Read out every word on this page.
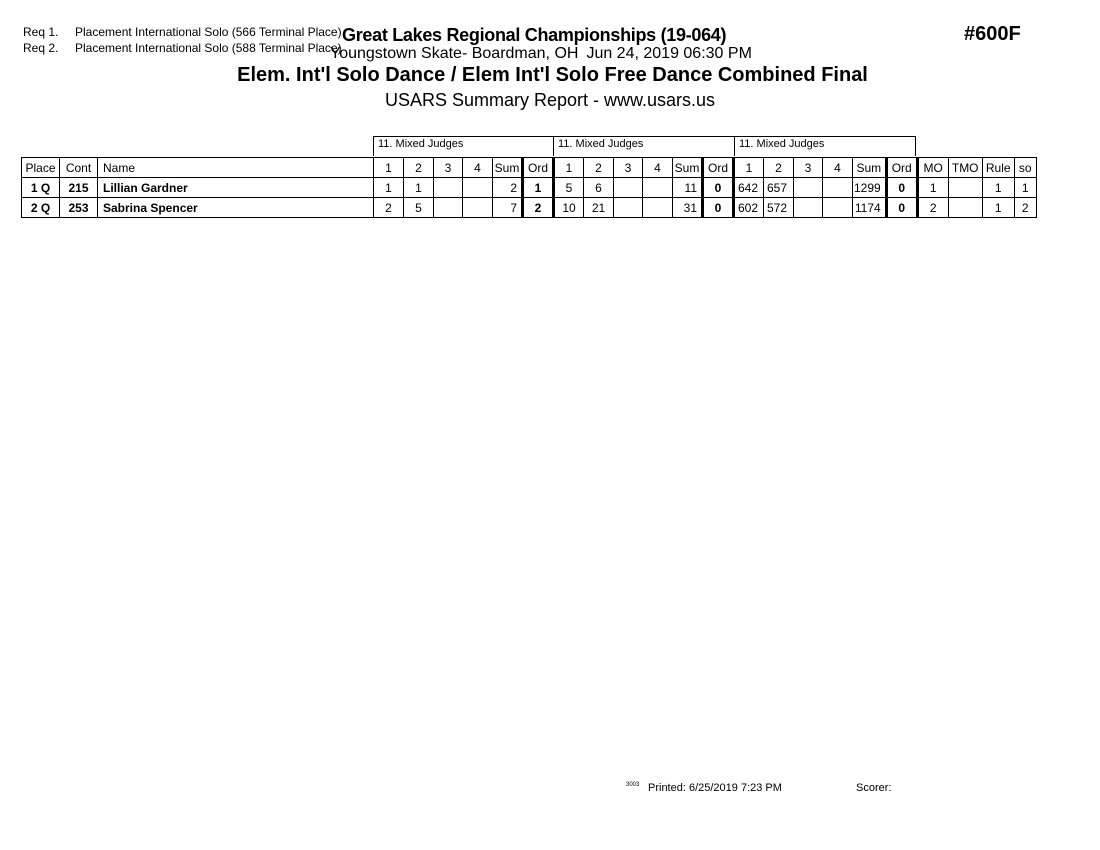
Req 1. Placement International Solo (566 Terminal Place)
Req 2. Placement International Solo (588 Terminal Place)
Great Lakes Regional Championships (19-064)	#600F
Youngstown Skate- Boardman, OH Jun 24, 2019 06:30 PM
Elem. Int'l Solo Dance / Elem Int'l Solo Free Dance Combined Final
USARS Summary Report - www.usars.us
11. Mixed Judges	11. Mixed Judges	11. Mixed Judges
Place	Cont	Name	1	2	3	4	Sum	Ord	1	2	3	4	Sum	Ord	1	2	3	4	Sum	Ord	MO	TMO	Rule	so
1 Q	215	Lillian Gardner	1	1			2	1	5	6			11	0	642	657			1299	0	1		1	1
2 Q	253	Sabrina Spencer	2	5			7	2	10	21			31	0	602	572			1174	0	2		1	2
3003 Printed: 6/25/2019 7:23 PM	Scorer:
